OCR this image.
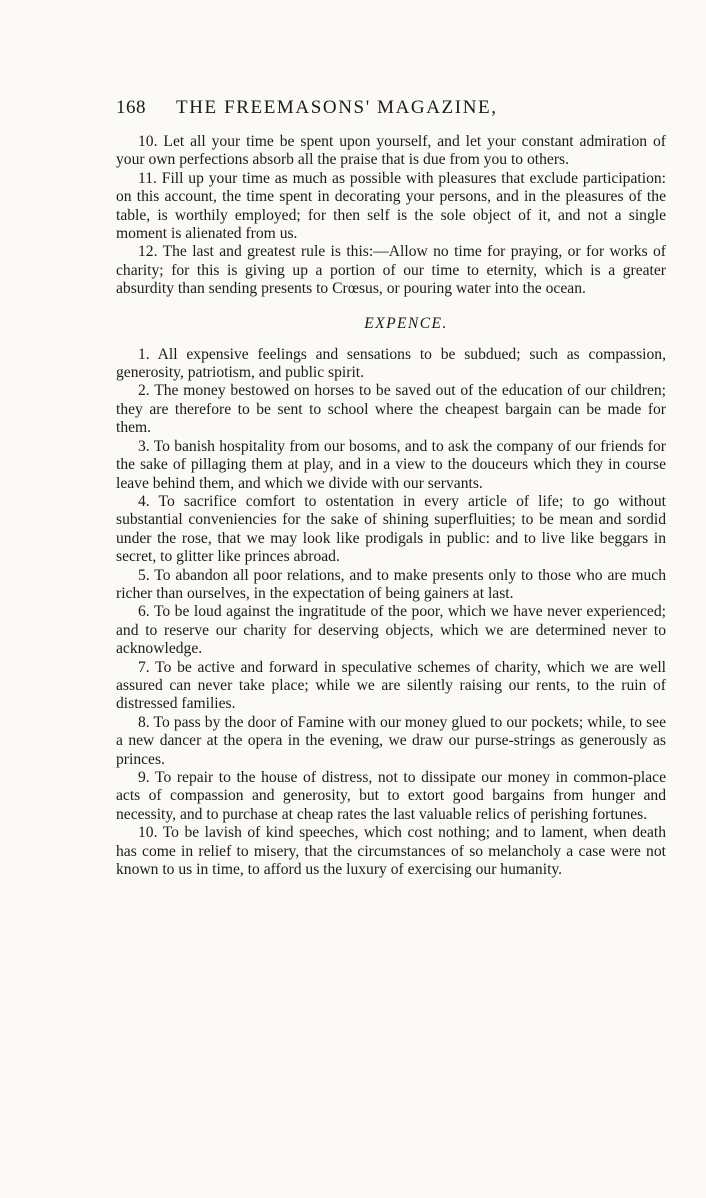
168	THE FREEMASONS' MAGAZINE,

10. Let all your time be spent upon yourself, and let your constant admiration of your own perfections absorb all the praise that is due from you to others.

11. Fill up your time as much as possible with pleasures that exclude participation: on this account, the time spent in decorating your persons, and in the pleasures of the table, is worthily employed; for then self is the sole object of it, and not a single moment is alienated from us.

12. The last and greatest rule is this:—Allow no time for praying, or for works of charity; for this is giving up a portion of our time to eternity, which is a greater absurdity than sending presents to Crœsus, or pouring water into the ocean.

EXPENCE.

1. All expensive feelings and sensations to be subdued; such as compassion, generosity, patriotism, and public spirit.

2. The money bestowed on horses to be saved out of the education of our children; they are therefore to be sent to school where the cheapest bargain can be made for them.

3. To banish hospitality from our bosoms, and to ask the company of our friends for the sake of pillaging them at play, and in a view to the douceurs which they in course leave behind them, and which we divide with our servants.

4. To sacrifice comfort to ostentation in every article of life; to go without substantial conveniencies for the sake of shining superfluities; to be mean and sordid under the rose, that we may look like prodigals in public: and to live like beggars in secret, to glitter like princes abroad.

5. To abandon all poor relations, and to make presents only to those who are much richer than ourselves, in the expectation of being gainers at last.

6. To be loud against the ingratitude of the poor, which we have never experienced; and to reserve our charity for deserving objects, which we are determined never to acknowledge.

7. To be active and forward in speculative schemes of charity, which we are well assured can never take place; while we are silently raising our rents, to the ruin of distressed families.

8. To pass by the door of Famine with our money glued to our pockets; while, to see a new dancer at the opera in the evening, we draw our purse-strings as generously as princes.

9. To repair to the house of distress, not to dissipate our money in common-place acts of compassion and generosity, but to extort good bargains from hunger and necessity, and to purchase at cheap rates the last valuable relics of perishing fortunes.

10. To be lavish of kind speeches, which cost nothing; and to lament, when death has come in relief to misery, that the circumstances of so melancholy a case were not known to us in time, to afford us the luxury of exercising our humanity.
